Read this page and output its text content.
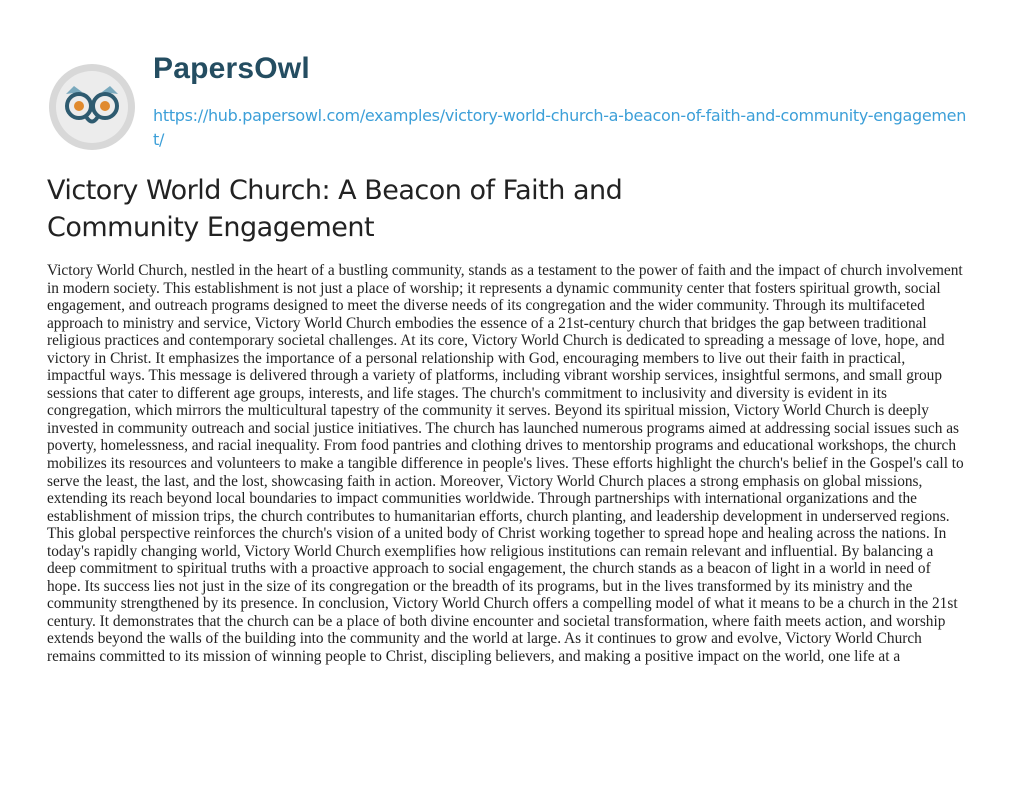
PapersOwl
https://hub.papersowl.com/examples/victory-world-church-a-beacon-of-faith-and-community-engagement/
Victory World Church: A Beacon of Faith and Community Engagement

Victory World Church, nestled in the heart of a bustling community, stands as a testament to the power of faith and the impact of church involvement in modern society. This establishment is not just a place of worship; it represents a dynamic community center that fosters spiritual growth, social engagement, and outreach programs designed to meet the diverse needs of its congregation and the wider community. Through its multifaceted approach to ministry and service, Victory World Church embodies the essence of a 21st-century church that bridges the gap between traditional religious practices and contemporary societal challenges. At its core, Victory World Church is dedicated to spreading a message of love, hope, and victory in Christ. It emphasizes the importance of a personal relationship with God, encouraging members to live out their faith in practical, impactful ways. This message is delivered through a variety of platforms, including vibrant worship services, insightful sermons, and small group sessions that cater to different age groups, interests, and life stages. The church's commitment to inclusivity and diversity is evident in its congregation, which mirrors the multicultural tapestry of the community it serves. Beyond its spiritual mission, Victory World Church is deeply invested in community outreach and social justice initiatives. The church has launched numerous programs aimed at addressing social issues such as poverty, homelessness, and racial inequality. From food pantries and clothing drives to mentorship programs and educational workshops, the church mobilizes its resources and volunteers to make a tangible difference in people's lives. These efforts highlight the church's belief in the Gospel's call to serve the least, the last, and the lost, showcasing faith in action. Moreover, Victory World Church places a strong emphasis on global missions, extending its reach beyond local boundaries to impact communities worldwide. Through partnerships with international organizations and the establishment of mission trips, the church contributes to humanitarian efforts, church planting, and leadership development in underserved regions. This global perspective reinforces the church's vision of a united body of Christ working together to spread hope and healing across the nations. In today's rapidly changing world, Victory World Church exemplifies how religious institutions can remain relevant and influential. By balancing a deep commitment to spiritual truths with a proactive approach to social engagement, the church stands as a beacon of light in a world in need of hope. Its success lies not just in the size of its congregation or the breadth of its programs, but in the lives transformed by its ministry and the community strengthened by its presence. In conclusion, Victory World Church offers a compelling model of what it means to be a church in the 21st century. It demonstrates that the church can be a place of both divine encounter and societal transformation, where faith meets action, and worship extends beyond the walls of the building into the community and the world at large. As it continues to grow and evolve, Victory World Church remains committed to its mission of winning people to Christ, discipling believers, and making a positive impact on the world, one life at a
